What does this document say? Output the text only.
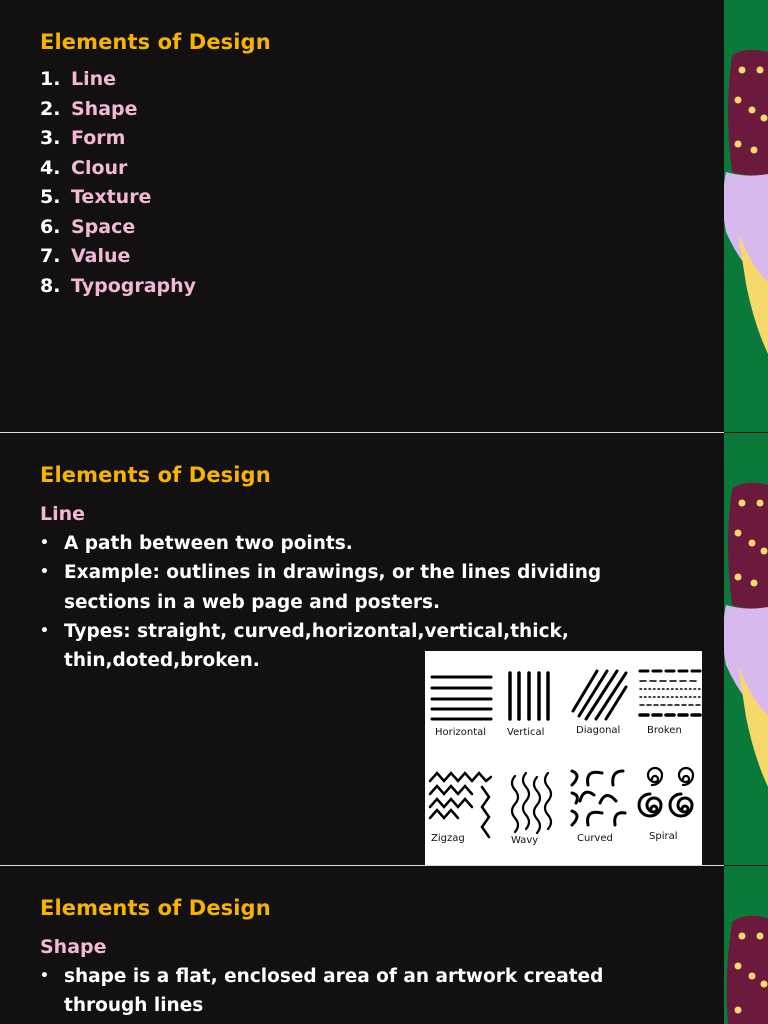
Elements of Design
1. Line
2. Shape
3. Form
4. Clour
5. Texture
6. Space
7. Value
8. Typography
Elements of Design
Line
• A path between two points.
• Example: outlines in drawings, or the lines dividing sections in a web page and posters.
• Types: straight, curved,horizontal,vertical,thick, thin,doted,broken.
Horizontal Vertical	Diagonal	Broken
Zigzag	Wavy	Curved	Spiral
Elements of Design
Shape
• shape is a flat, enclosed area of an artwork created through lines
